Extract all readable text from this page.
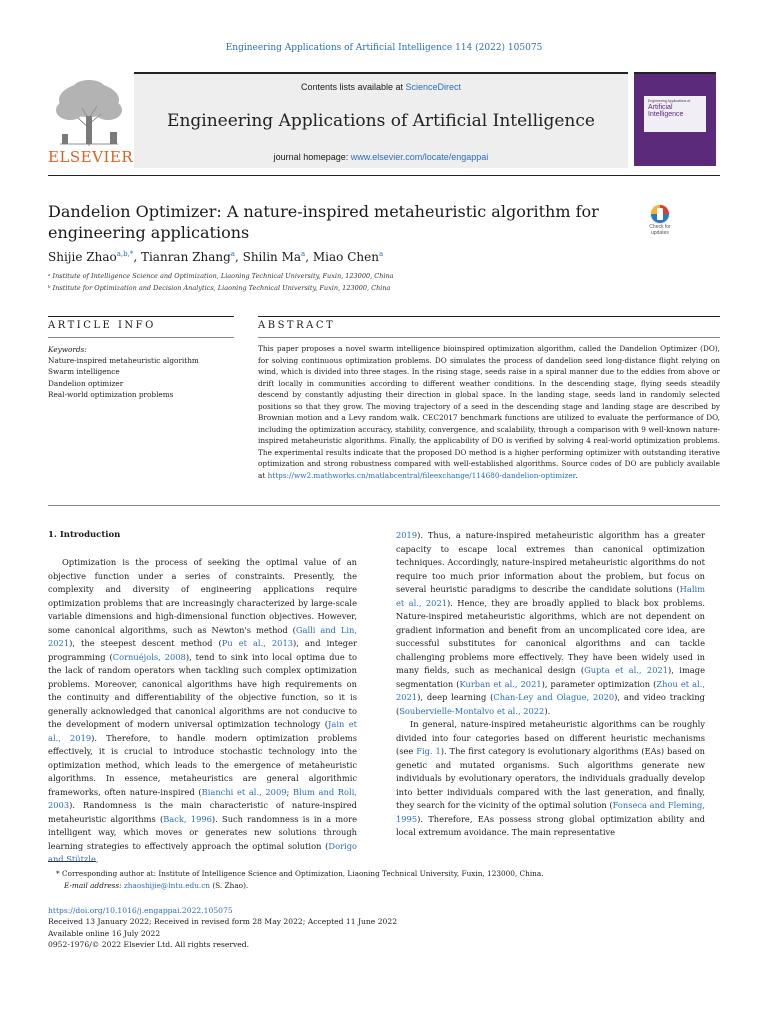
Engineering Applications of Artificial Intelligence 114 (2022) 105075
ELSEVIER
Contents lists available at ScienceDirect
Engineering Applications of Artificial Intelligence
journal homepage: www.elsevier.com/locate/engappai
Engineering Applications of
Artificial
Intelligence
Dandelion Optimizer: A nature-inspired metaheuristic algorithm for
engineering applications	Check for
updates
Shijie Zhao$^{a,b,*}$, Tianran Zhang$^a$, Shilin Ma$^a$, Miao Chen$^a$
ᵃ Institute of Intelligence Science and Optimization, Liaoning Technical University, Fuxin, 123000, China
ᵇ Institute for Optimization and Decision Analytics, Liaoning Technical University, Fuxin, 123000, China
ARTICLE INFO	ABSTRACT
Keywords:
Nature-inspired metaheuristic algorithm
Swarm intelligence
Dandelion optimizer
Real-world optimization problems
This paper proposes a novel swarm intelligence bioinspired optimization algorithm, called the Dandelion Optimizer (DO), for solving continuous optimization problems. DO simulates the process of dandelion seed long-distance flight relying on wind, which is divided into three stages. In the rising stage, seeds raise in a spiral manner due to the eddies from above or drift locally in communities according to different weather conditions. In the descending stage, flying seeds steadily descend by constantly adjusting their direction in global space. In the landing stage, seeds land in randomly selected positions so that they grow. The moving trajectory of a seed in the descending stage and landing stage are described by Brownian motion and a Levy random walk. CEC2017 benchmark functions are utilized to evaluate the performance of DO, including the optimization accuracy, stability, convergence, and scalability, through a comparison with 9 well-known nature-inspired metaheuristic algorithms. Finally, the applicability of DO is verified by solving 4 real-world optimization problems. The experimental results indicate that the proposed DO method is a higher performing optimizer with outstanding iterative optimization and strong robustness compared with well-established algorithms. Source codes of DO are publicly available at https://ww2.mathworks.cn/matlabcentral/fileexchange/114680-dandelion-optimizer.
1. Introduction

Optimization is the process of seeking the optimal value of an objective function under a series of constraints. Presently, the complexity and diversity of engineering applications require optimization problems that are increasingly characterized by large-scale variable dimensions and high-dimensional function objectives. However, some canonical algorithms, such as Newton's method (Galli and Lin, 2021), the steepest descent method (Pu et al., 2013), and integer programming (Cornuéjols, 2008), tend to sink into local optima due to the lack of random operators when tackling such complex optimization problems. Moreover, canonical algorithms have high requirements on the continuity and differentiability of the objective function, so it is generally acknowledged that canonical algorithms are not conducive to the development of modern universal optimization technology (Jain et al., 2019). Therefore, to handle modern optimization problems effectively, it is crucial to introduce stochastic technology into the optimization method, which leads to the emergence of metaheuristic algorithms. In essence, metaheuristics are general algorithmic frameworks, often nature-inspired (Bianchi et al., 2009; Blum and Roli, 2003). Randomness is the main characteristic of nature-inspired metaheuristic algorithms (Back, 1996). Such randomness is in a more intelligent way, which moves or generates new solutions through learning strategies to effectively approach the optimal solution (Dorigo and Stützle,

2019). Thus, a nature-inspired metaheuristic algorithm has a greater capacity to escape local extremes than canonical optimization techniques. Accordingly, nature-inspired metaheuristic algorithms do not require too much prior information about the problem, but focus on several heuristic paradigms to describe the candidate solutions (Halim et al., 2021). Hence, they are broadly applied to black box problems. Nature-inspired metaheuristic algorithms, which are not dependent on gradient information and benefit from an uncomplicated core idea, are successful substitutes for canonical algorithms and can tackle challenging problems more effectively. They have been widely used in many fields, such as mechanical design (Gupta et al., 2021), image segmentation (Kurban et al., 2021), parameter optimization (Zhou et al., 2021), deep learning (Chan-Ley and Olague, 2020), and video tracking (Soubervielle-Montalvo et al., 2022).

In general, nature-inspired metaheuristic algorithms can be roughly divided into four categories based on different heuristic mechanisms (see Fig. 1). The first category is evolutionary algorithms (EAs) based on genetic and mutated organisms. Such algorithms generate new individuals by evolutionary operators, the individuals gradually develop into better individuals compared with the last generation, and finally, they search for the vicinity of the optimal solution (Fonseca and Fleming, 1995). Therefore, EAs possess strong global optimization ability and local extremum avoidance. The main representative

* Corresponding author at: Institute of Intelligence Science and Optimization, Liaoning Technical University, Fuxin, 123000, China.
E-mail address: zhaoshijie@lntu.edu.cn (S. Zhao).
https://doi.org/10.1016/j.engappai.2022.105075
Received 13 January 2022; Received in revised form 28 May 2022; Accepted 11 June 2022
Available online 16 July 2022
0952-1976/© 2022 Elsevier Ltd. All rights reserved.
